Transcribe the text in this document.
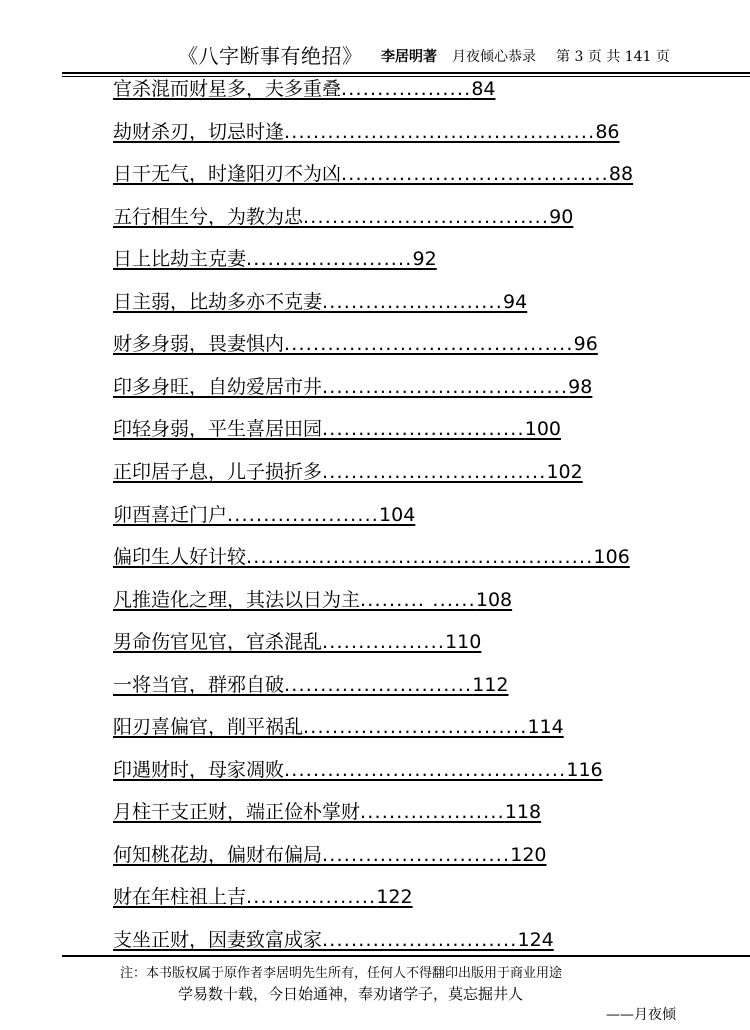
《八字断事有绝招》 李居明著 月夜倾心恭录 第 3 页 共 141 页
官杀混而财星多，夫多重叠..................84
劫财杀刃，切忌时逢...........................................86
日干无气，时逢阳刃不为凶.....................................88
五行相生兮，为教为忠..................................90
日上比劫主克妻.......................92
日主弱，比劫多亦不克妻.........................94
财多身弱，畏妻惧内........................................96
印多身旺，自幼爱居市井..................................98
印轻身弱，平生喜居田园............................100
正印居子息，儿子损折多...............................102
卯酉喜迁门户.....................104
偏印生人好计较................................................106
凡推造化之理，其法以日为主......... ......108
男命伤官见官，官杀混乱.................110
一将当官，群邪自破..........................112
阳刃喜偏官，削平祸乱...............................114
印遇财时，母家凋败.......................................116
月柱干支正财，端正俭朴掌财....................118
何知桃花劫，偏财布偏局..........................120
财在年柱祖上吉..................122
支坐正财，因妻致富成家...........................124
注：本书版权属于原作者李居明先生所有，任何人不得翻印出版用于商业用途
学易数十载，今日始通神，奉劝诸学子，莫忘掘井人
——月夜倾
